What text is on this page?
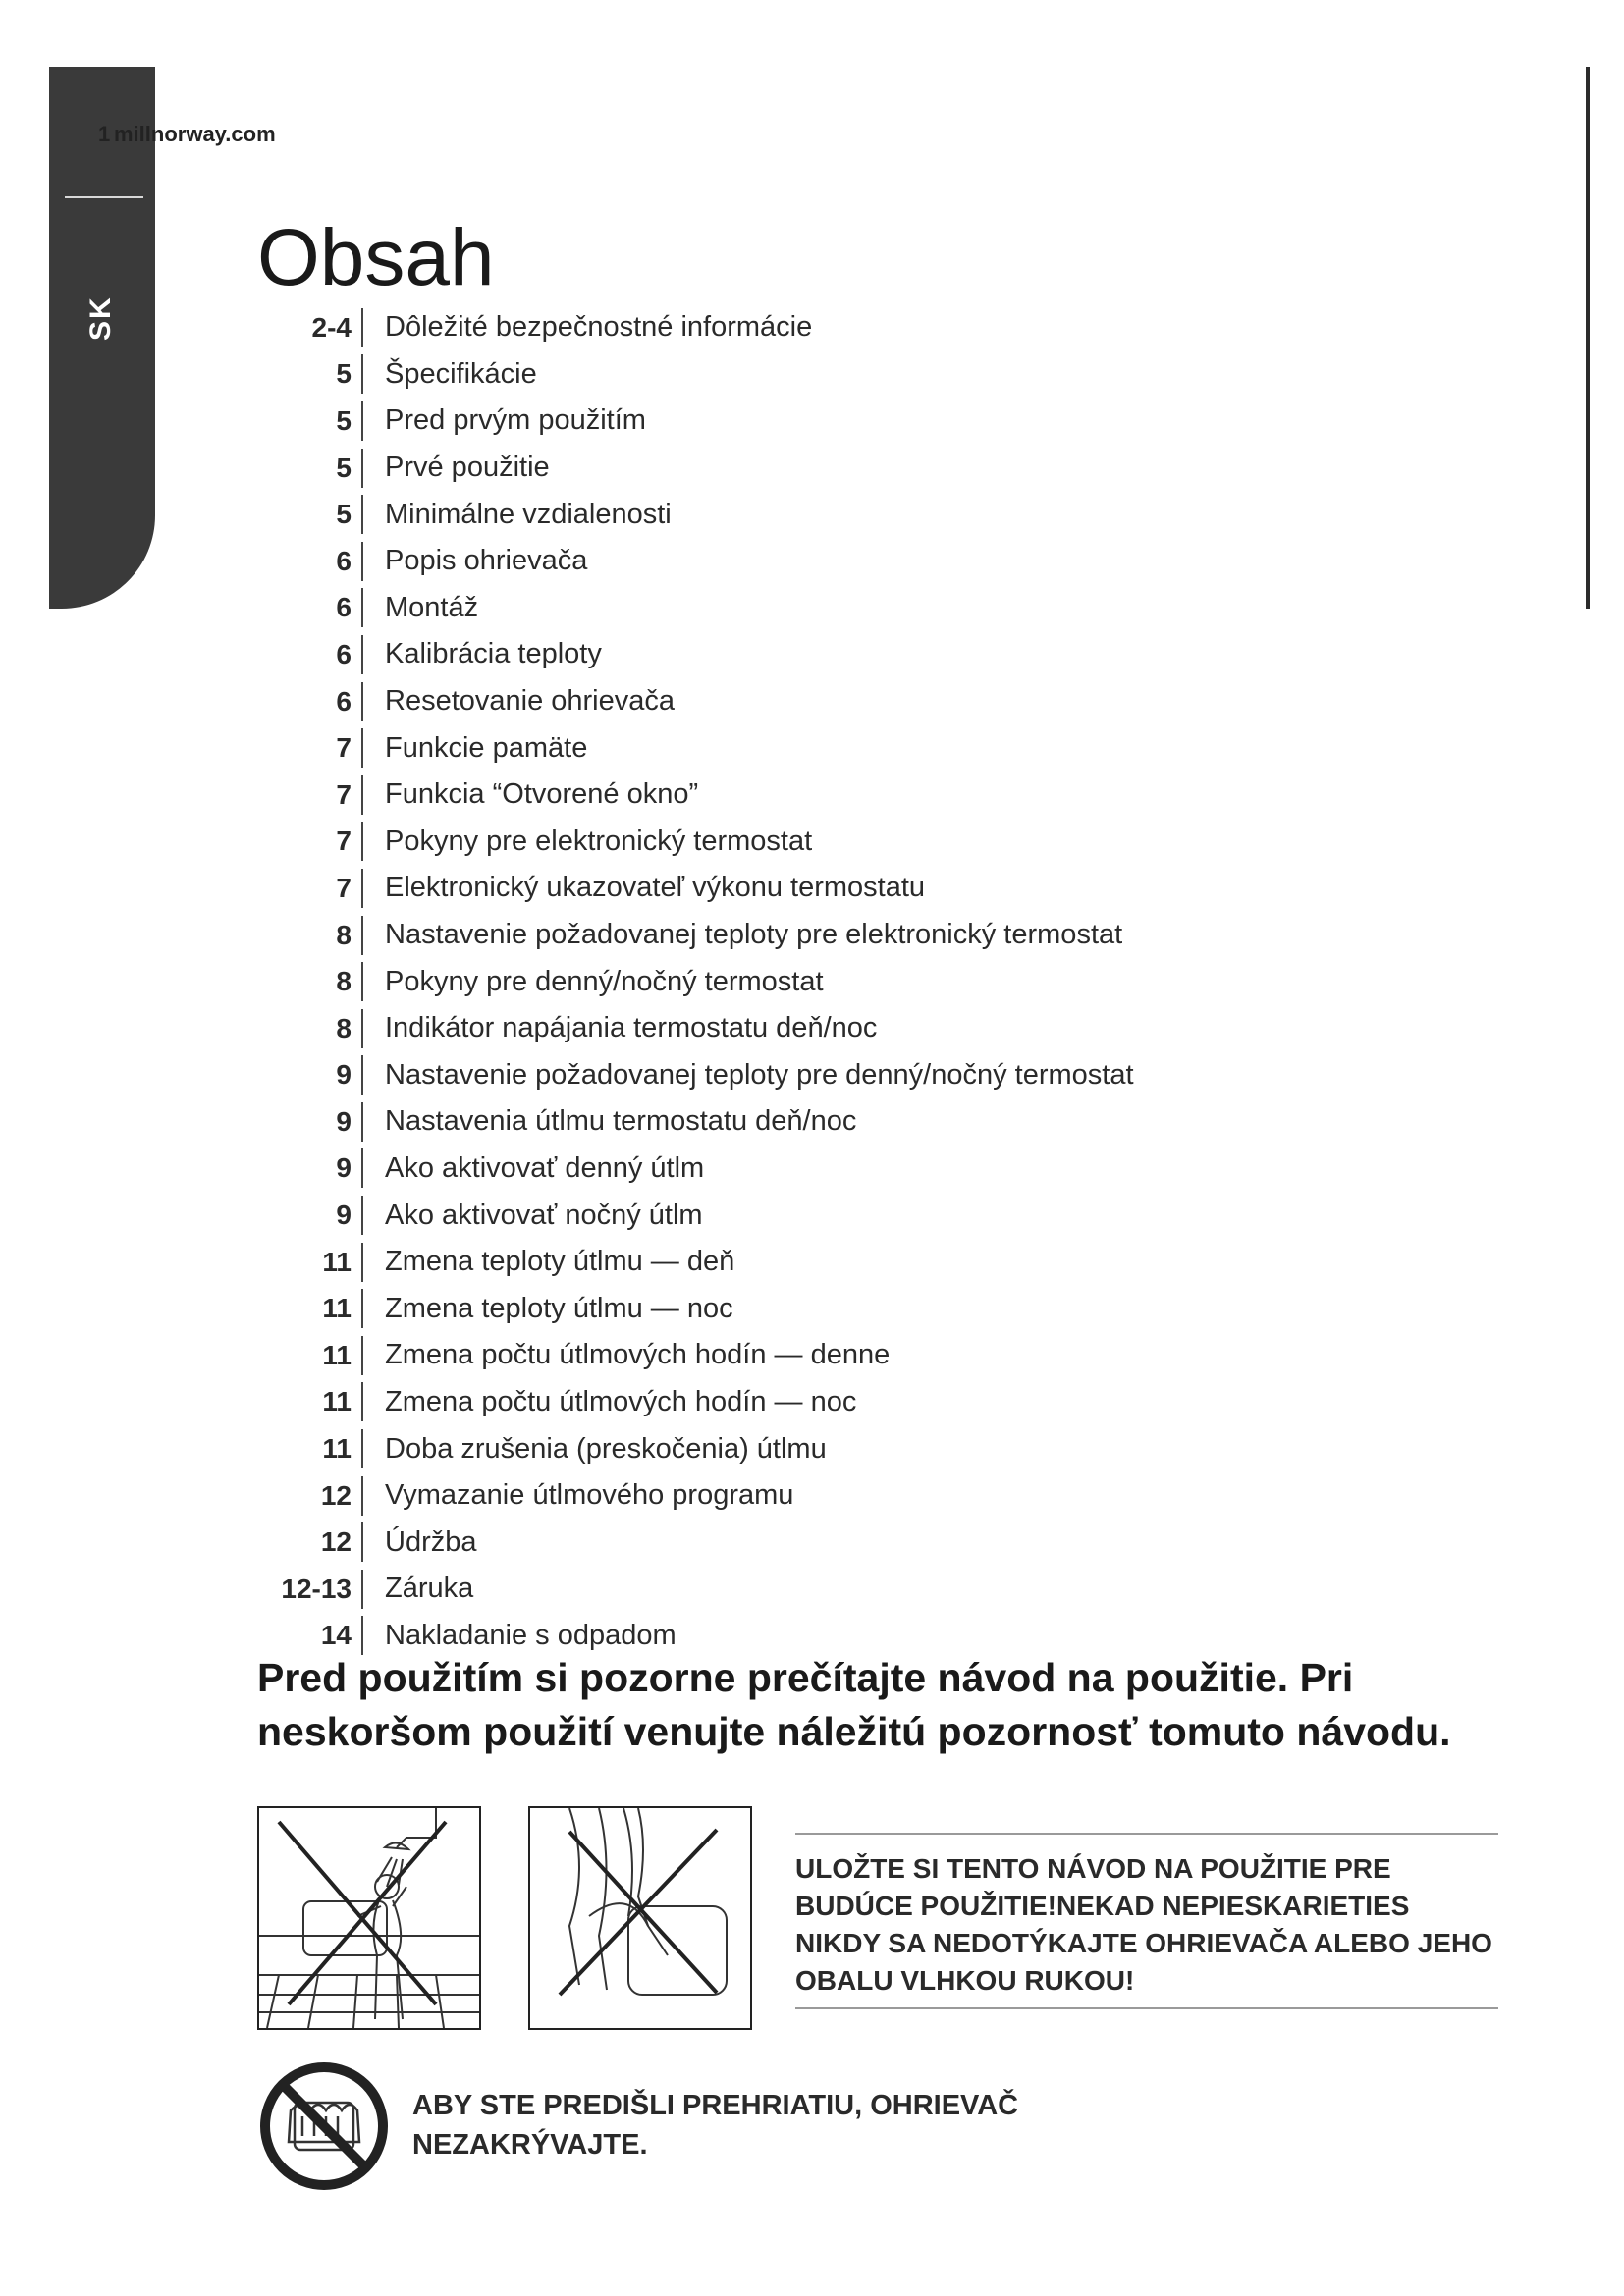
SK
1 millnorway.com
Obsah
2-4	Dôležité bezpečnostné informácie
5	Špecifikácie
5	Pred prvým použitím
5	Prvé použitie
5	Minimálne vzdialenosti
6	Popis ohrievača
6	Montáž
6	Kalibrácia teploty
6	Resetovanie ohrievača
7	Funkcie pamäte
7	Funkcia “Otvorené okno”
7	Pokyny pre elektronický termostat
7	Elektronický ukazovateľ výkonu termostatu
8	Nastavenie požadovanej teploty pre elektronický termostat
8	Pokyny pre denný/nočný termostat
8	Indikátor napájania termostatu deň/noc
9	Nastavenie požadovanej teploty pre denný/nočný termostat
9	Nastavenia útlmu termostatu deň/noc
9	Ako aktivovať denný útlm
9	Ako aktivovať nočný útlm
11	Zmena teploty útlmu — deň
11	Zmena teploty útlmu — noc
11	Zmena počtu útlmových hodín — denne
11	Zmena počtu útlmových hodín — noc
11	Doba zrušenia (preskočenia) útlmu
12	Vymazanie útlmového programu
12	Údržba
12-13	Záruka
14	Nakladanie s odpadom

Pred použitím si pozorne prečítajte návod na použitie. Pri neskoršom použití venujte náležitú pozornosť tomuto návodu.

ULOŽTE SI TENTO NÁVOD NA POUŽITIE PRE BUDÚCE POUŽITIE!NEKAD NEPIESKARIETIES

NIKDY SA NEDOTÝKAJTE OHRIEVAČA ALEBO JEHO OBALU VLHKOU RUKOU!

ABY STE PREDIŠLI PREHRIATIU, OHRIEVAČ NEZAKRÝVAJTE.
